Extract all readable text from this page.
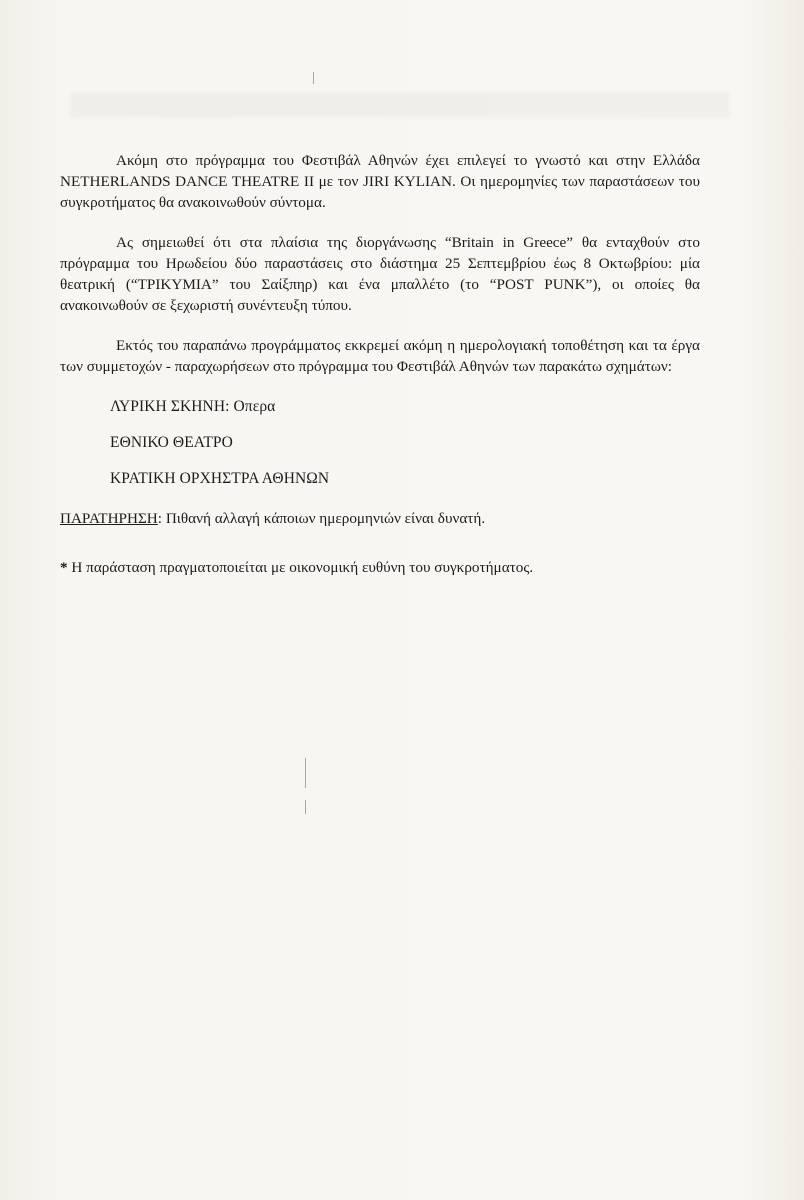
Ακόμη στο πρόγραμμα του Φεστιβάλ Αθηνών έχει επιλεγεί το γνωστό και στην Ελλάδα NETHERLANDS DANCE THEATRE II με τον JIRI KYLIAN. Οι ημερομηνίες των παραστάσεων του συγκροτήματος θα ανακοινωθούν σύντομα.

Ας σημειωθεί ότι στα πλαίσια της διοργάνωσης “Britain in Greece” θα ενταχθούν στο πρόγραμμα του Ηρωδείου δύο παραστάσεις στο διάστημα 25 Σεπτεμβρίου έως 8 Οκτωβρίου: μία θεατρική (“ΤΡΙΚΥΜΙΑ” του Σαίξπηρ) και ένα μπαλλέτο (το “POST PUNK”), οι οποίες θα ανακοινωθούν σε ξεχωριστή συνέντευξη τύπου.

Εκτός του παραπάνω προγράμματος εκκρεμεί ακόμη η ημερολογιακή τοποθέτηση και τα έργα των συμμετοχών - παραχωρήσεων στο πρόγραμμα του Φεστιβάλ Αθηνών των παρακάτω σχημάτων:

ΛΥΡΙΚΗ ΣΚΗΝΗ: Οπερα
ΕΘΝΙΚΟ ΘΕΑΤΡΟ
ΚΡΑΤΙΚΗ ΟΡΧΗΣΤΡΑ ΑΘΗΝΩΝ
ΠΑΡΑΤΗΡΗΣΗ: Πιθανή αλλαγή κάποιων ημερομηνιών είναι δυνατή.
* Η παράσταση πραγματοποιείται με οικονομική ευθύνη του συγκροτήματος.
